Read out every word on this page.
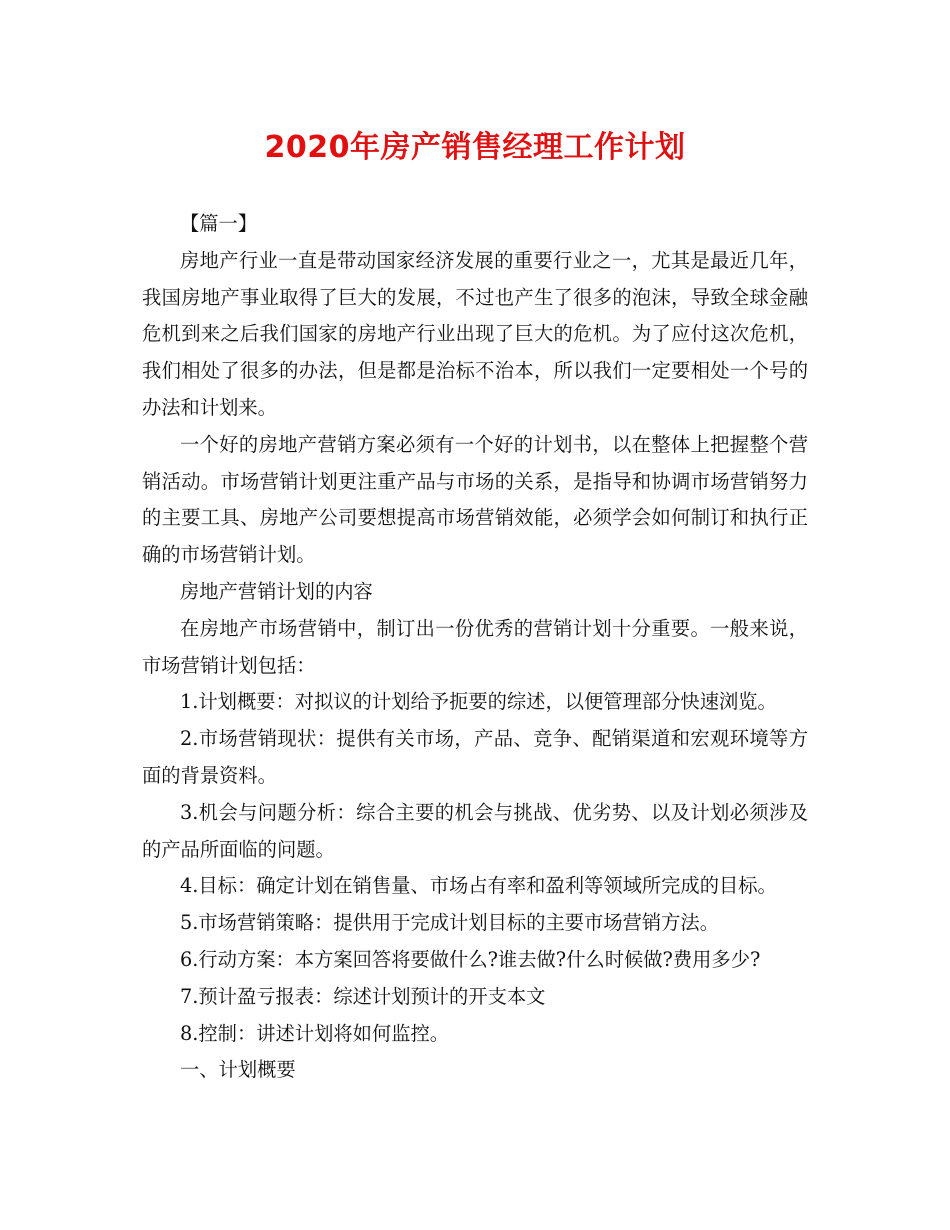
2020年房产销售经理工作计划

【篇一】

房地产行业一直是带动国家经济发展的重要行业之一，尤其是最近几年，我国房地产事业取得了巨大的发展，不过也产生了很多的泡沫，导致全球金融危机到来之后我们国家的房地产行业出现了巨大的危机。为了应付这次危机，我们相处了很多的办法，但是都是治标不治本，所以我们一定要相处一个号的办法和计划来。

一个好的房地产营销方案必须有一个好的计划书，以在整体上把握整个营销活动。市场营销计划更注重产品与市场的关系，是指导和协调市场营销努力的主要工具、房地产公司要想提高市场营销效能，必须学会如何制订和执行正确的市场营销计划。

房地产营销计划的内容

在房地产市场营销中，制订出一份优秀的营销计划十分重要。一般来说，市场营销计划包括：

1.计划概要：对拟议的计划给予扼要的综述，以便管理部分快速浏览。

2.市场营销现状：提供有关市场，产品、竞争、配销渠道和宏观环境等方面的背景资料。

3.机会与问题分析：综合主要的机会与挑战、优劣势、以及计划必须涉及的产品所面临的问题。

4.目标：确定计划在销售量、市场占有率和盈利等领域所完成的目标。

5.市场营销策略：提供用于完成计划目标的主要市场营销方法。

6.行动方案：本方案回答将要做什么?谁去做?什么时候做?费用多少?

7.预计盈亏报表：综述计划预计的开支本文

8.控制：讲述计划将如何监控。

一、计划概要
